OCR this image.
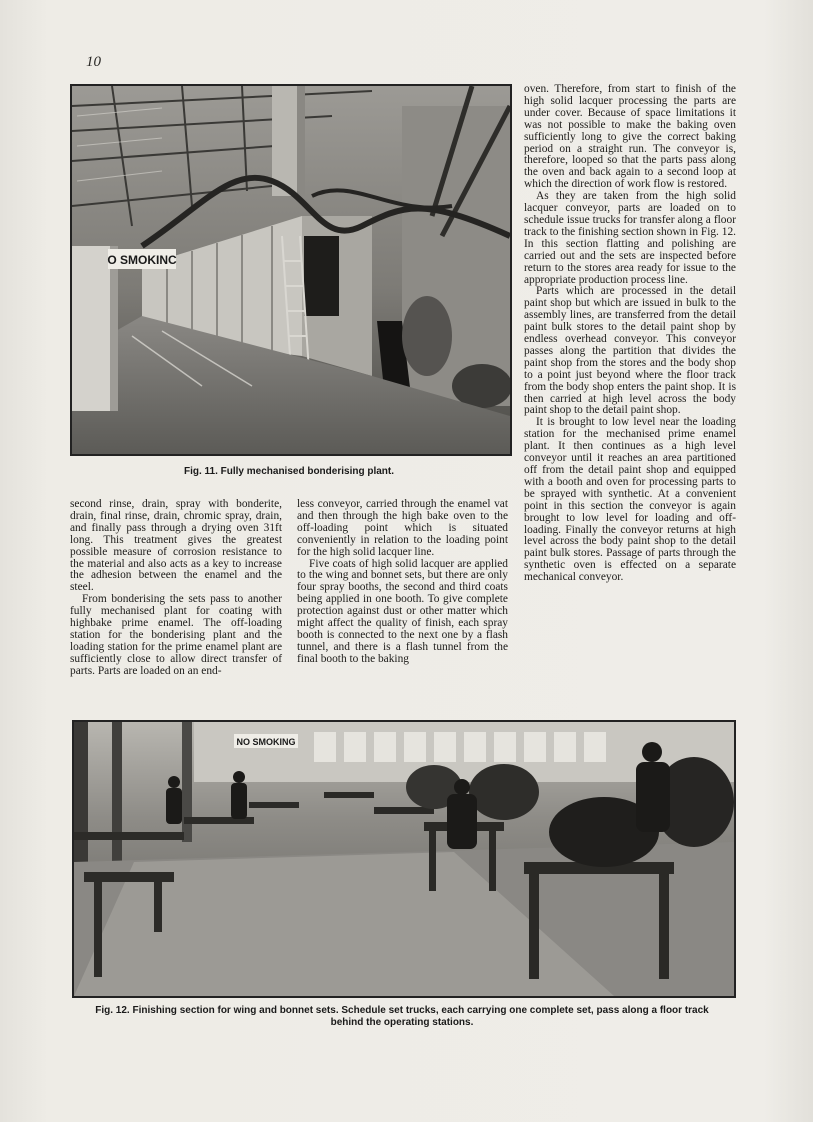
10
O SMOKINC
Fig. 11. Fully mechanised bonderising plant.

second rinse, drain, spray with bonderite, drain, final rinse, drain, chromic spray, drain, and finally pass through a drying oven 31ft long. This treatment gives the greatest possible measure of corrosion resistance to the material and also acts as a key to increase the adhesion between the enamel and the steel.

From bonderising the sets pass to another fully mechanised plant for coating with highbake prime enamel. The off-loading station for the bonderising plant and the loading station for the prime enamel plant are sufficiently close to allow direct transfer of parts. Parts are loaded on an end-

less conveyor, carried through the enamel vat and then through the high bake oven to the off-loading point which is situated conveniently in relation to the loading point for the high solid lacquer line.

Five coats of high solid lacquer are applied to the wing and bonnet sets, but there are only four spray booths, the second and third coats being applied in one booth. To give complete protection against dust or other matter which might affect the quality of finish, each spray booth is connected to the next one by a flash tunnel, and there is a flash tunnel from the final booth to the baking

oven. Therefore, from start to finish of the high solid lacquer processing the parts are under cover. Because of space limitations it was not possible to make the baking oven sufficiently long to give the correct baking period on a straight run. The conveyor is, therefore, looped so that the parts pass along the oven and back again to a second loop at which the direction of work flow is restored.

As they are taken from the high solid lacquer conveyor, parts are loaded on to schedule issue trucks for transfer along a floor track to the finishing section shown in Fig. 12. In this section flatting and polishing are carried out and the sets are inspected before return to the stores area ready for issue to the appropriate production process line.

Parts which are processed in the detail paint shop but which are issued in bulk to the assembly lines, are transferred from the detail paint bulk stores to the detail paint shop by endless overhead conveyor. This conveyor passes along the partition that divides the paint shop from the stores and the body shop to a point just beyond where the floor track from the body shop enters the paint shop. It is then carried at high level across the body paint shop to the detail paint shop.

It is brought to low level near the loading station for the mechanised prime enamel plant. It then continues as a high level conveyor until it reaches an area partitioned off from the detail paint shop and equipped with a booth and oven for processing parts to be sprayed with synthetic. At a convenient point in this section the conveyor is again brought to low level for loading and off-loading. Finally the conveyor returns at high level across the body paint shop to the detail paint bulk stores. Passage of parts through the synthetic oven is effected on a separate mechanical conveyor.

NO SMOKING
Fig. 12. Finishing section for wing and bonnet sets. Schedule set trucks, each carrying one complete set, pass along a floor track
behind the operating stations.
